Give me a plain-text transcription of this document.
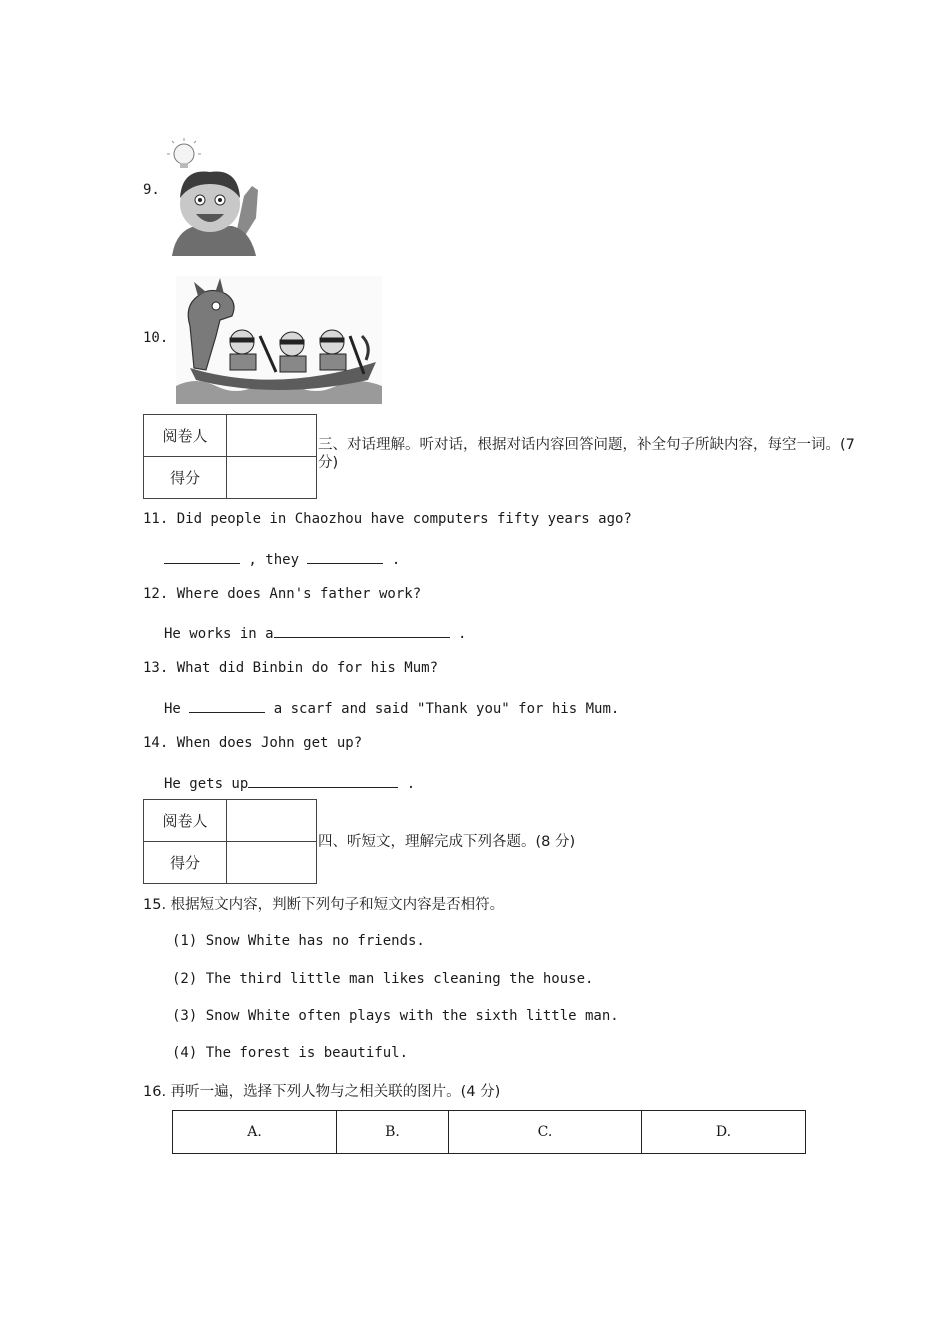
9.
10.
阅卷人	
得分	
三、对话理解。听对话，根据对话内容回答问题，补全句子所缺内容，每空一词。(7
分)
11. Did people in Chaozhou have computers fifty years ago?
, they	.
12. Where does Ann's father work?
He works in a	.
13. What did Binbin do for his Mum?
He	a scarf and said "Thank you" for his Mum.
14. When does John get up?
He gets up	.
阅卷人	
得分	
四、听短文，理解完成下列各题。(8 分)
15. 根据短文内容，判断下列句子和短文内容是否相符。
(1) Snow White has no friends.
(2) The third little man likes cleaning the house.
(3) Snow White often plays with the sixth little man.
(4) The forest is beautiful.
16. 再听一遍，选择下列人物与之相关联的图片。(4 分)
A.	B.	C.	D.
